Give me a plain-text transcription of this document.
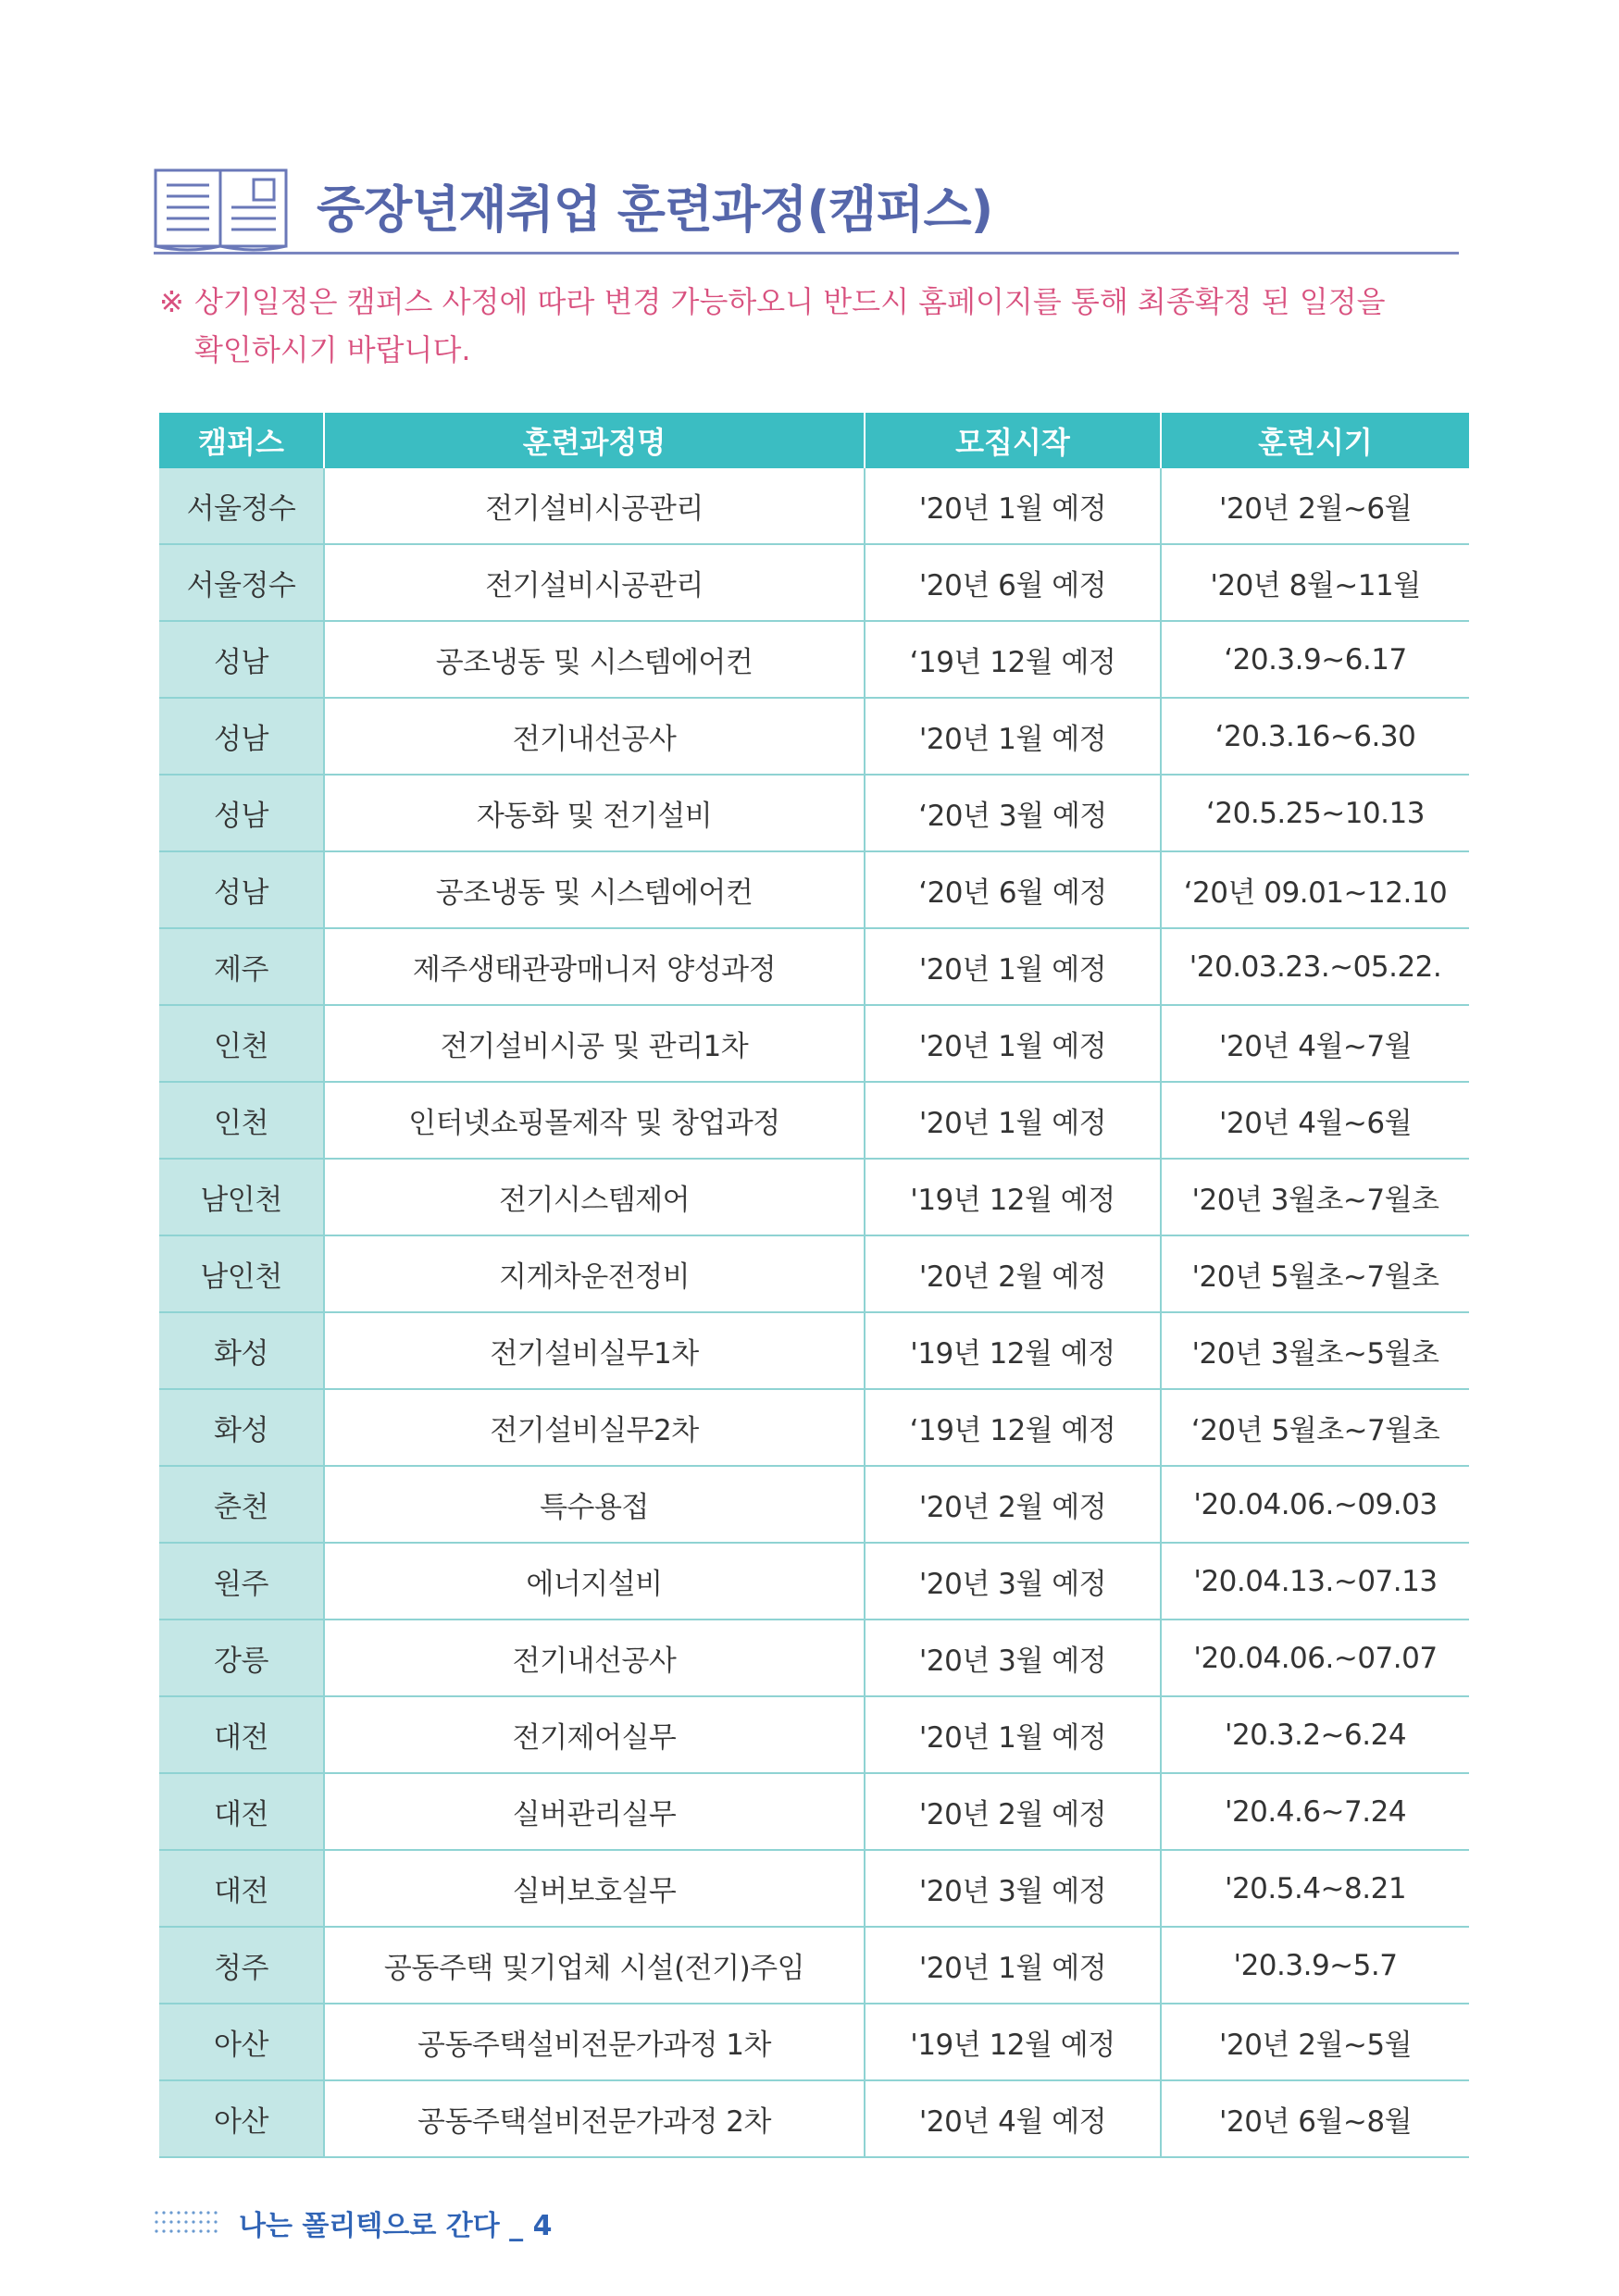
중장년재취업 훈련과정(캠퍼스)
※ 상기일정은 캠퍼스 사정에 따라 변경 가능하오니 반드시 홈페이지를 통해 최종확정 된 일정을
확인하시기 바랍니다.
캠퍼스	훈련과정명	모집시작	훈련시기
서울정수	전기설비시공관리	'20년 1월 예정	'20년 2월~6월
서울정수	전기설비시공관리	'20년 6월 예정	'20년 8월~11월
성남	공조냉동 및 시스템에어컨	‘19년 12월 예정	‘20.3.9~6.17
성남	전기내선공사	'20년 1월 예정	‘20.3.16~6.30
성남	자동화 및 전기설비	‘20년 3월 예정	‘20.5.25~10.13
성남	공조냉동 및 시스템에어컨	‘20년 6월 예정	‘20년 09.01~12.10
제주	제주생태관광매니저 양성과정	'20년 1월 예정	'20.03.23.~05.22.
인천	전기설비시공 및 관리1차	'20년 1월 예정	'20년 4월~7월
인천	인터넷쇼핑몰제작 및 창업과정	'20년 1월 예정	'20년 4월~6월
남인천	전기시스템제어	'19년 12월 예정	'20년 3월초~7월초
남인천	지게차운전정비	'20년 2월 예정	'20년 5월초~7월초
화성	전기설비실무1차	'19년 12월 예정	'20년 3월초~5월초
화성	전기설비실무2차	‘19년 12월 예정	‘20년 5월초~7월초
춘천	특수용접	'20년 2월 예정	'20.04.06.~09.03
원주	에너지설비	'20년 3월 예정	'20.04.13.~07.13
강릉	전기내선공사	'20년 3월 예정	'20.04.06.~07.07
대전	전기제어실무	'20년 1월 예정	'20.3.2~6.24
대전	실버관리실무	'20년 2월 예정	'20.4.6~7.24
대전	실버보호실무	'20년 3월 예정	'20.5.4~8.21
청주	공동주택 및기업체 시설(전기)주임	'20년 1월 예정	'20.3.9~5.7
아산	공동주택설비전문가과정 1차	'19년 12월 예정	'20년 2월~5월
아산	공동주택설비전문가과정 2차	'20년 4월 예정	'20년 6월~8월
나는 폴리텍으로 간다 _ 4
